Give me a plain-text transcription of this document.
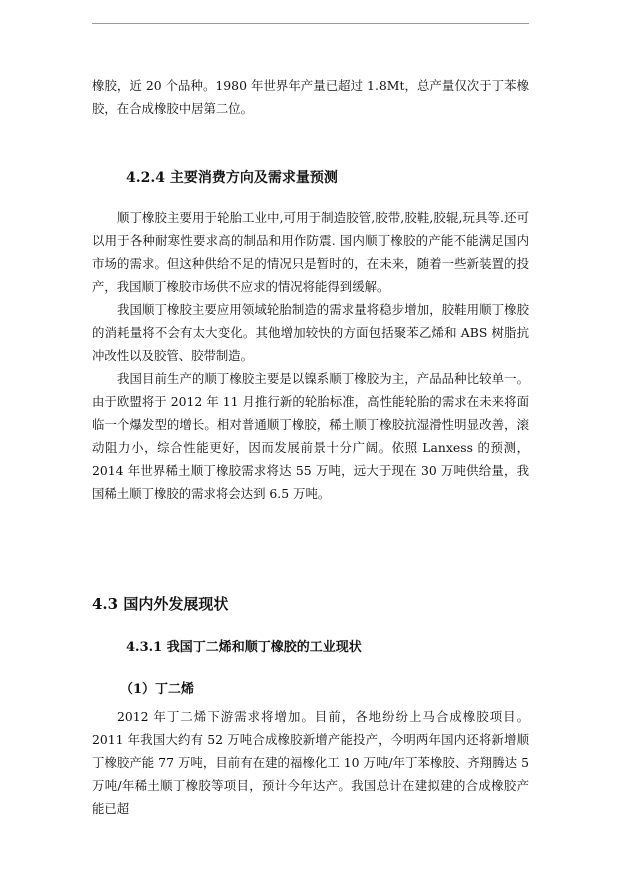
橡胶，近 20 个品种。1980 年世界年产量已超过 1.8Mt，总产量仅次于丁苯橡胶，在合成橡胶中居第二位。

4.2.4 主要消费方向及需求量预测

顺丁橡胶主要用于轮胎工业中,可用于制造胶管,胶带,胶鞋,胶辊,玩具等.还可以用于各种耐寒性要求高的制品和用作防震. 国内顺丁橡胶的产能不能满足国内市场的需求。但这种供给不足的情况只是暂时的，在未来，随着一些新装置的投产，我国顺丁橡胶市场供不应求的情况将能得到缓解。

我国顺丁橡胶主要应用领域轮胎制造的需求量将稳步增加，胶鞋用顺丁橡胶的消耗量将不会有太大变化。其他增加较快的方面包括聚苯乙烯和 ABS 树脂抗冲改性以及胶管、胶带制造。

我国目前生产的顺丁橡胶主要是以镍系顺丁橡胶为主，产品品种比较单一。由于欧盟将于 2012 年 11 月推行新的轮胎标准，高性能轮胎的需求在未来将面临一个爆发型的增长。相对普通顺丁橡胶，稀土顺丁橡胶抗湿滑性明显改善，滚动阻力小，综合性能更好，因而发展前景十分广阔。依照 Lanxess 的预测，2014 年世界稀土顺丁橡胶需求将达 55 万吨，远大于现在 30 万吨供给量，我国稀土顺丁橡胶的需求将会达到 6.5 万吨。

4.3 国内外发展现状

4.3.1 我国丁二烯和顺丁橡胶的工业现状

（1）丁二烯

2012 年丁二烯下游需求将增加。目前，各地纷纷上马合成橡胶项目。2011 年我国大约有 52 万吨合成橡胶新增产能投产，今明两年国内还将新增顺丁橡胶产能 77 万吨，目前有在建的福橡化工 10 万吨/年丁苯橡胶、齐翔腾达 5 万吨/年稀土顺丁橡胶等项目，预计今年达产。我国总计在建拟建的合成橡胶产能已超
